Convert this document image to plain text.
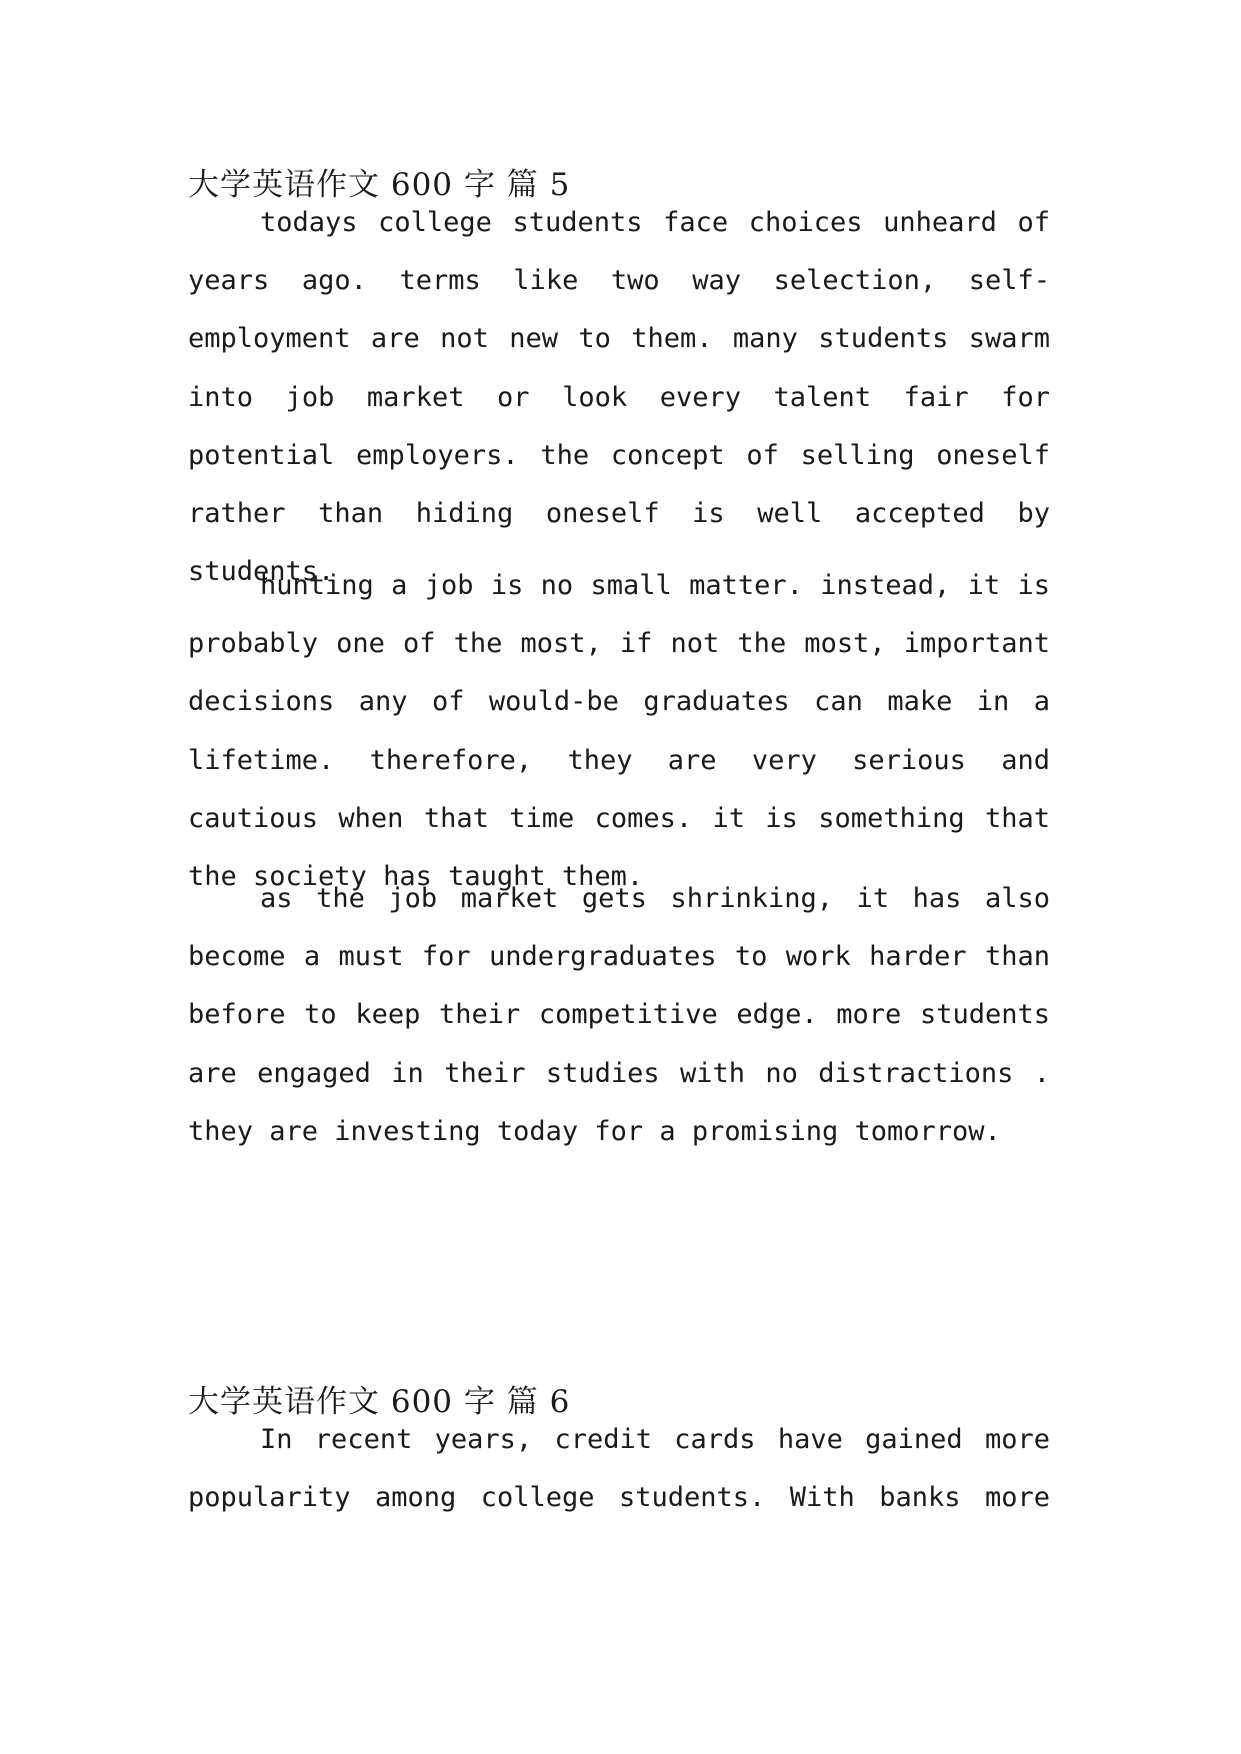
大学英语作文 600 字 篇 5

todays college students face choices unheard of years ago. terms like two way selection, self-employment are not new to them. many students swarm into job market or look every talent fair for potential employers. the concept of selling oneself rather than hiding oneself is well accepted by students.

hunting a job is no small matter. instead, it is probably one of the most, if not the most, important decisions any of would-be graduates can make in a lifetime. therefore, they are very serious and cautious when that time comes. it is something that the society has taught them.

as the job market gets shrinking, it has also become a must for undergraduates to work harder than before to keep their competitive edge. more students are engaged in their studies with no distractions . they are investing today for a promising tomorrow.

大学英语作文 600 字 篇 6

In recent years, credit cards have gained more popularity among college students. With banks more
